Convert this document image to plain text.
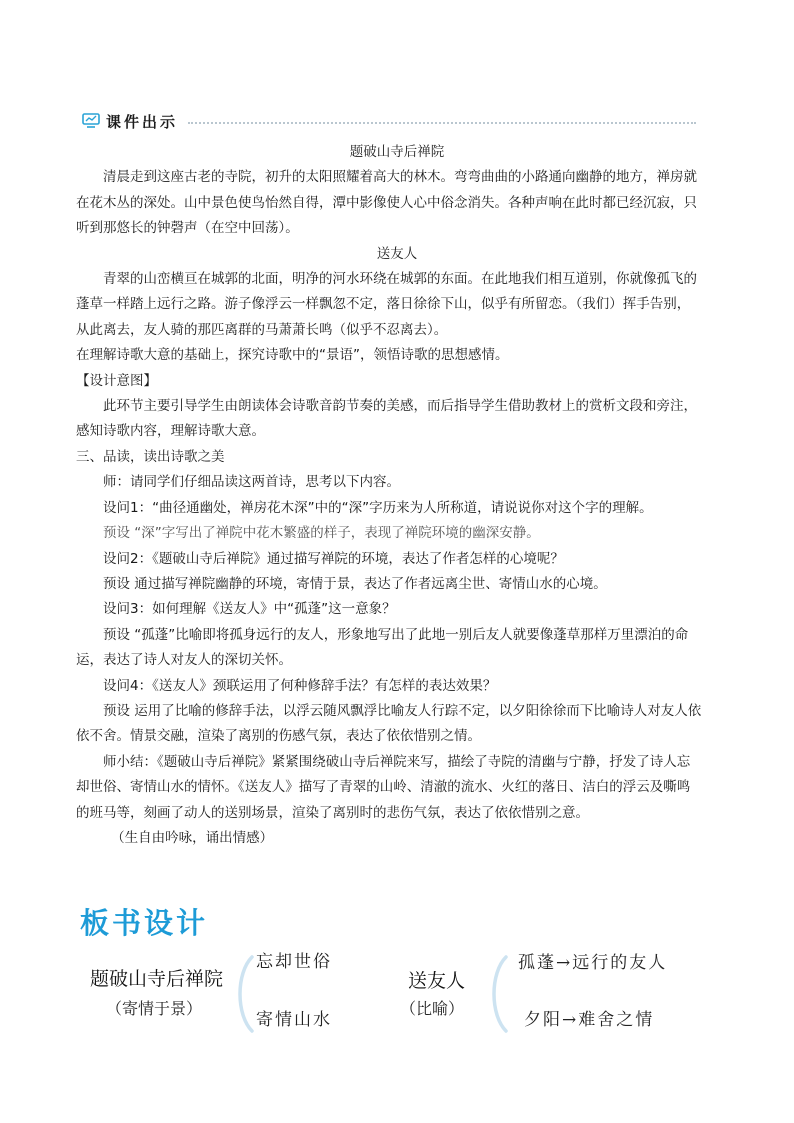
课件出示

题破山寺后禅院

清晨走到这座古老的寺院，初升的太阳照耀着高大的林木。弯弯曲曲的小路通向幽静的地方，禅房就

在花木丛的深处。山中景色使鸟怡然自得，潭中影像使人心中俗念消失。各种声响在此时都已经沉寂，只

听到那悠长的钟磬声（在空中回荡）。

送友人

青翠的山峦横亘在城郭的北面，明净的河水环绕在城郭的东面。在此地我们相互道别，你就像孤飞的

蓬草一样踏上远行之路。游子像浮云一样飘忽不定，落日徐徐下山，似乎有所留恋。（我们）挥手告别，

从此离去，友人骑的那匹离群的马萧萧长鸣（似乎不忍离去）。

在理解诗歌大意的基础上，探究诗歌中的“景语”，领悟诗歌的思想感情。

【设计意图】

此环节主要引导学生由朗读体会诗歌音韵节奏的美感，而后指导学生借助教材上的赏析文段和旁注，

感知诗歌内容，理解诗歌大意。

三、品读，读出诗歌之美

师：请同学们仔细品读这两首诗，思考以下内容。

设问1：“曲径通幽处，禅房花木深”中的“深”字历来为人所称道，请说说你对这个字的理解。

预设 “深”字写出了禅院中花木繁盛的样子，表现了禅院环境的幽深安静。

设问2：《题破山寺后禅院》通过描写禅院的环境，表达了作者怎样的心境呢？

预设 通过描写禅院幽静的环境，寄情于景，表达了作者远离尘世、寄情山水的心境。

设问3：如何理解《送友人》中“孤蓬”这一意象？

预设 “孤蓬”比喻即将孤身远行的友人，形象地写出了此地一别后友人就要像蓬草那样万里漂泊的命

运，表达了诗人对友人的深切关怀。

设问4：《送友人》颈联运用了何种修辞手法？有怎样的表达效果？

预设 运用了比喻的修辞手法，以浮云随风飘浮比喻友人行踪不定，以夕阳徐徐而下比喻诗人对友人依

依不舍。情景交融，渲染了离别的伤感气氛，表达了依依惜别之情。

师小结：《题破山寺后禅院》紧紧围绕破山寺后禅院来写，描绘了寺院的清幽与宁静，抒发了诗人忘

却世俗、寄情山水的情怀。《送友人》描写了青翠的山岭、清澈的流水、火红的落日、洁白的浮云及嘶鸣

的班马等，刻画了动人的送别场景，渲染了离别时的悲伤气氛，表达了依依惜别之意。

（生自由吟咏，诵出情感）

板书设计
题破山寺后禅院
（寄情于景）
忘却世俗
寄情山水
送友人
（比喻）
孤蓬→远行的友人
夕阳→难舍之情
